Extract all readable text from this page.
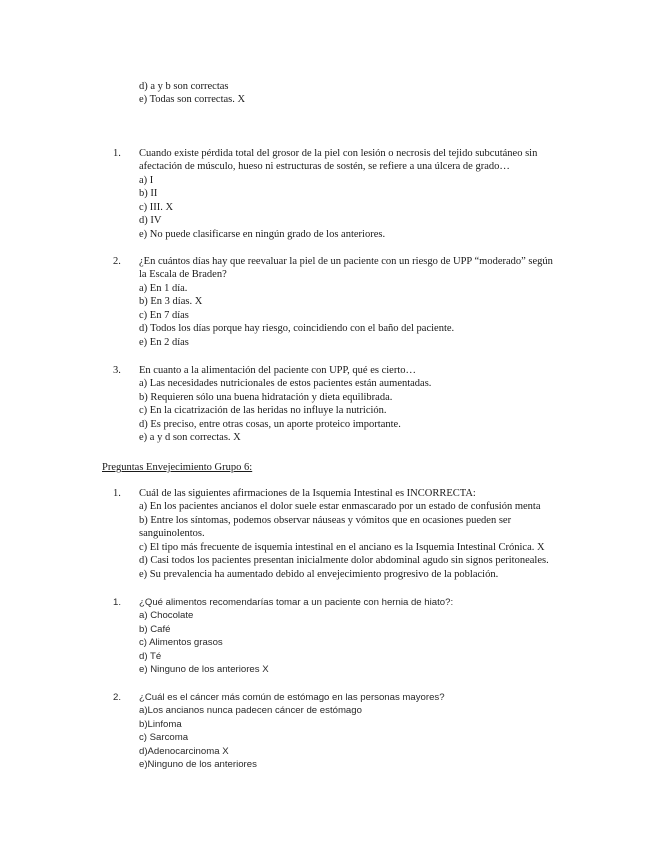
d) a y b son correctas
e) Todas son correctas. X
1. Cuando existe pérdida total del grosor de la piel con lesión o necrosis del tejido subcutáneo sin
afectación de músculo, hueso ni estructuras de sostén, se refiere a una úlcera de grado…
a) I
b) II
c) III. X
d) IV
e) No puede clasificarse en ningún grado de los anteriores.
2. ¿En cuántos días hay que reevaluar la piel de un paciente con un riesgo de UPP “moderado” según
la Escala de Braden?
a) En 1 día.
b) En 3 días. X
c) En 7 días
d) Todos los días porque hay riesgo, coincidiendo con el baño del paciente.
e) En 2 días
3. En cuanto a la alimentación del paciente con UPP, qué es cierto…
a) Las necesidades nutricionales de estos pacientes están aumentadas.
b) Requieren sólo una buena hidratación y dieta equilibrada.
c) En la cicatrización de las heridas no influye la nutrición.
d) Es preciso, entre otras cosas, un aporte proteico importante.
e) a y d son correctas. X
Preguntas Envejecimiento Grupo 6:
1. Cuál de las siguientes afirmaciones de la Isquemia Intestinal es INCORRECTA:
a) En los pacientes ancianos el dolor suele estar enmascarado por un estado de confusión menta
b) Entre los síntomas, podemos observar náuseas y vómitos que en ocasiones pueden ser
sanguinolentos.
c) El tipo más frecuente de isquemia intestinal en el anciano es la Isquemia Intestinal Crónica. X
d) Casi todos los pacientes presentan inicialmente dolor abdominal agudo sin signos peritoneales.
e) Su prevalencia ha aumentado debido al envejecimiento progresivo de la población.
1. ¿Qué alimentos recomendarías tomar a un paciente con hernia de hiato?:
a) Chocolate
b) Café
c) Alimentos grasos
d) Té
e) Ninguno de los anteriores X
2. ¿Cuál es el cáncer más común de estómago en las personas mayores?
a)Los ancianos nunca padecen cáncer de estómago
b)Linfoma
c) Sarcoma
d)Adenocarcinoma X
e)Ninguno de los anteriores
